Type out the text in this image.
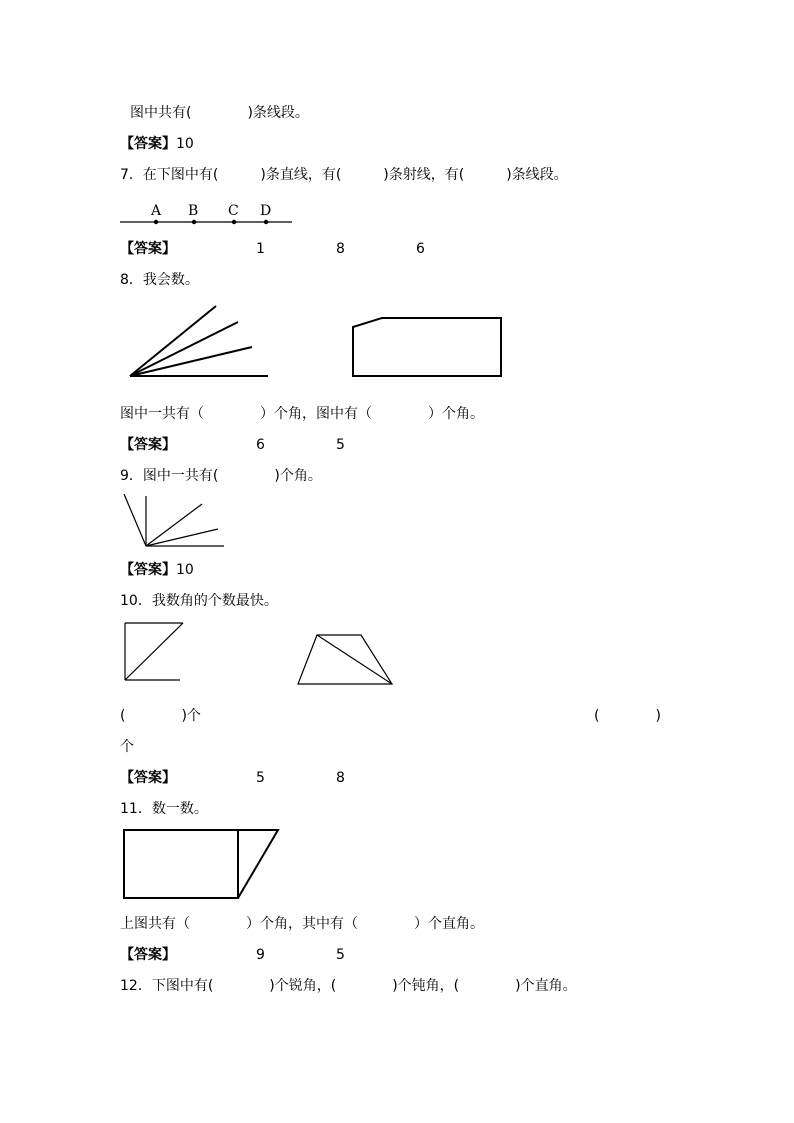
图中共有(　　　　)条线段。
【答案】10
7．在下图中有(　　　)条直线，有(　　　)条射线，有(　　　)条线段。
A B C D
【答案】	1	8	6
8．我会数。
图中一共有（　　　　）个角，图中有（　　　　）个角。
【答案】	6	5
9．图中一共有(　　　　)个角。
【答案】10
10．我数角的个数最快。
(　　　　)个	(　　　　)
个
【答案】	5	8
11．数一数。
上图共有（　　　　）个角，其中有（　　　　）个直角。
【答案】	9	5
12．下图中有(　　　　)个锐角，(　　　　)个钝角，(　　　　)个直角。
